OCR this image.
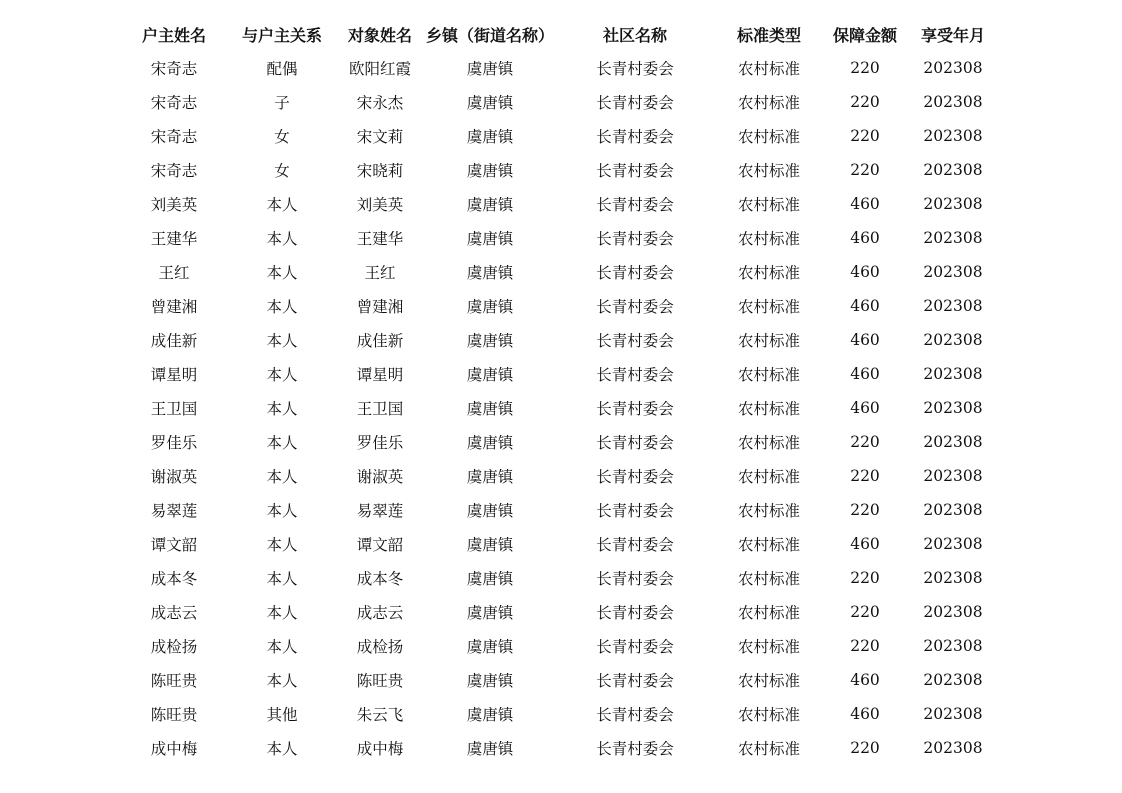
户主姓名	与户主关系	对象姓名	乡镇（街道名称）	社区名称	标准类型	保障金额	享受年月
宋奇志	配偶	欧阳红霞	虞唐镇	长青村委会	农村标准	220	202308
宋奇志	子	宋永杰	虞唐镇	长青村委会	农村标准	220	202308
宋奇志	女	宋文莉	虞唐镇	长青村委会	农村标准	220	202308
宋奇志	女	宋晓莉	虞唐镇	长青村委会	农村标准	220	202308
刘美英	本人	刘美英	虞唐镇	长青村委会	农村标准	460	202308
王建华	本人	王建华	虞唐镇	长青村委会	农村标准	460	202308
王红	本人	王红	虞唐镇	长青村委会	农村标准	460	202308
曾建湘	本人	曾建湘	虞唐镇	长青村委会	农村标准	460	202308
成佳新	本人	成佳新	虞唐镇	长青村委会	农村标准	460	202308
谭星明	本人	谭星明	虞唐镇	长青村委会	农村标准	460	202308
王卫国	本人	王卫国	虞唐镇	长青村委会	农村标准	460	202308
罗佳乐	本人	罗佳乐	虞唐镇	长青村委会	农村标准	220	202308
谢淑英	本人	谢淑英	虞唐镇	长青村委会	农村标准	220	202308
易翠莲	本人	易翠莲	虞唐镇	长青村委会	农村标准	220	202308
谭文韶	本人	谭文韶	虞唐镇	长青村委会	农村标准	460	202308
成本冬	本人	成本冬	虞唐镇	长青村委会	农村标准	220	202308
成志云	本人	成志云	虞唐镇	长青村委会	农村标准	220	202308
成检扬	本人	成检扬	虞唐镇	长青村委会	农村标准	220	202308
陈旺贵	本人	陈旺贵	虞唐镇	长青村委会	农村标准	460	202308
陈旺贵	其他	朱云飞	虞唐镇	长青村委会	农村标准	460	202308
成中梅	本人	成中梅	虞唐镇	长青村委会	农村标准	220	202308
